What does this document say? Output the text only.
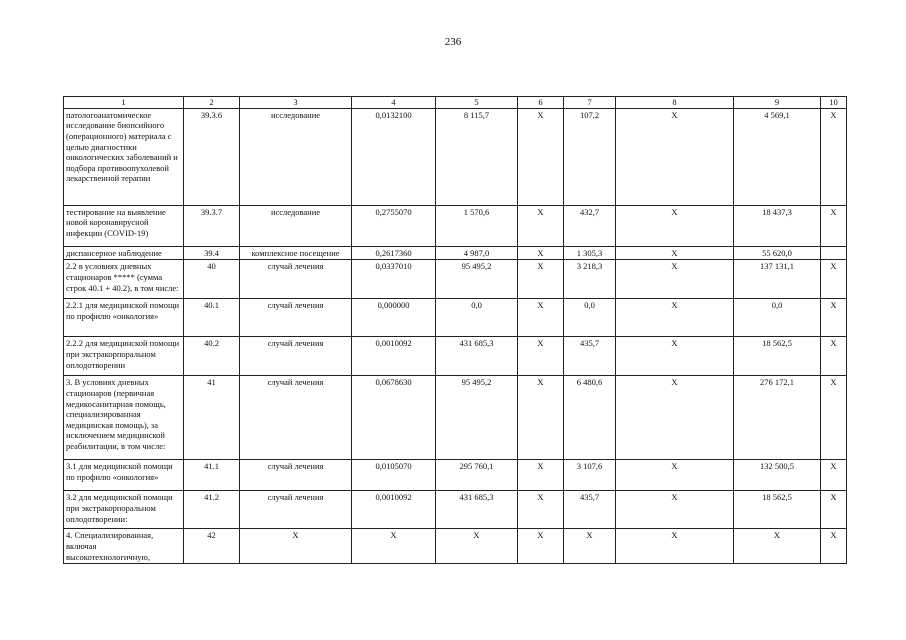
236
1	2	3	4	5	6	7	8	9	10
патологоанатомическое исследование биопсийного (операционного) материала с целью диагностики онкологических заболеваний и подбора противоопухолевой лекарственной терапии	39.3.6	исследование	0,0132100	8 115,7	X	107,2	X	4 569,1	X
тестирование на выявление новой коронавирусной инфекции (COVID-19)	39.3.7	исследование	0,2755070	1 570,6	X	432,7	X	18 437,3	X
диспансерное наблюдение	39.4	комплексное посещение	0,2617360	4 987,0	X	1 305,3	X	55 620,0	
2.2 в условиях дневных стационаров ***** (сумма строк 40.1 + 40.2), в том числе:	40	случай лечения	0,0337010	95 495,2	X	3 218,3	X	137 131,1	X
2.2.1 для медицинской помощи по профилю «онкология»	40.1	случай лечения	0,000000	0,0	X	0,0	X	0,0	X
2.2.2 для медицинской помощи при экстракорпоральном оплодотворении	40.2	случай лечения	0,0010092	431 685,3	X	435,7	X	18 562,5	X
3. В условиях дневных стационаров (первичная медикосанитарная помощь, специализированная медицинская помощь), за исключением медицинской реабилитации, в том числе:	41	случай лечения	0,0678630	95 495,2	X	6 480,6	X	276 172,1	X
3.1 для медицинской помощи по профилю «онкология»	41.1	случай лечения	0,0105070	295 760,1	X	3 107,6	X	132 500,5	X
3.2 для медицинской помощи при экстракорпоральном оплодотворении:	41.2	случай лечения	0,0010092	431 685,3	X	435,7	X	18 562,5	X
4. Специализированная, включая высокотехнологичную,	42	X	X	X	X	X	X	X	X
